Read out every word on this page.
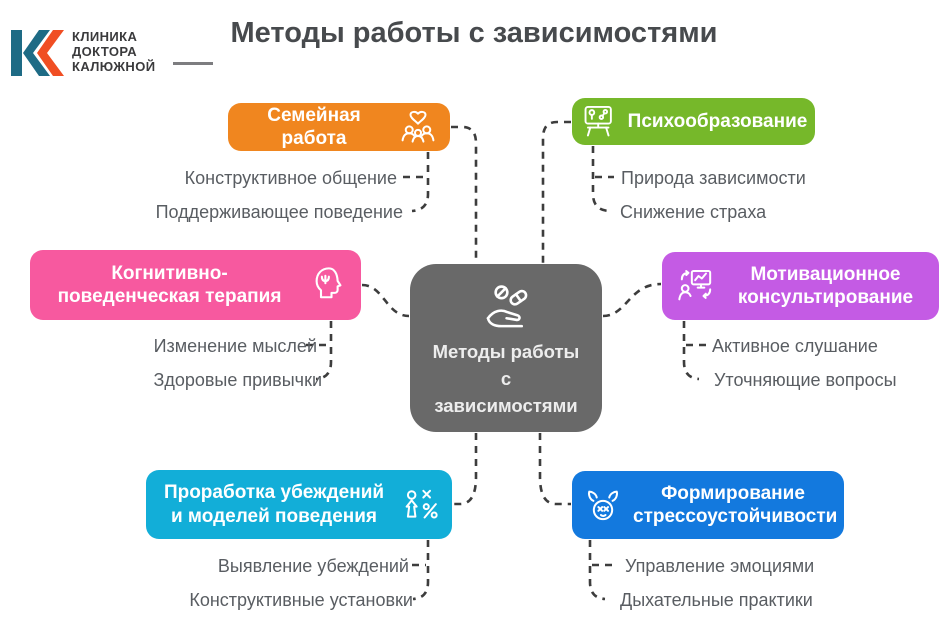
КЛИНИКА
ДОКТОРА
КАЛЮЖНОЙ
Методы работы с зависимостями
Методы работы
с
зависимостями
Семейная работа
Психообразование
Когнитивно-поведенческая терапия
Мотивационное консультирование
Проработка убеждений и моделей поведения
Формирование стрессоустойчивости
Конструктивное общение
Поддерживающее поведение
Изменение мыслей
Здоровые привычки
Выявление убеждений
Конструктивные установки
Природа зависимости
Снижение страха
Активное слушание
Уточняющие вопросы
Управление эмоциями
Дыхательные практики
